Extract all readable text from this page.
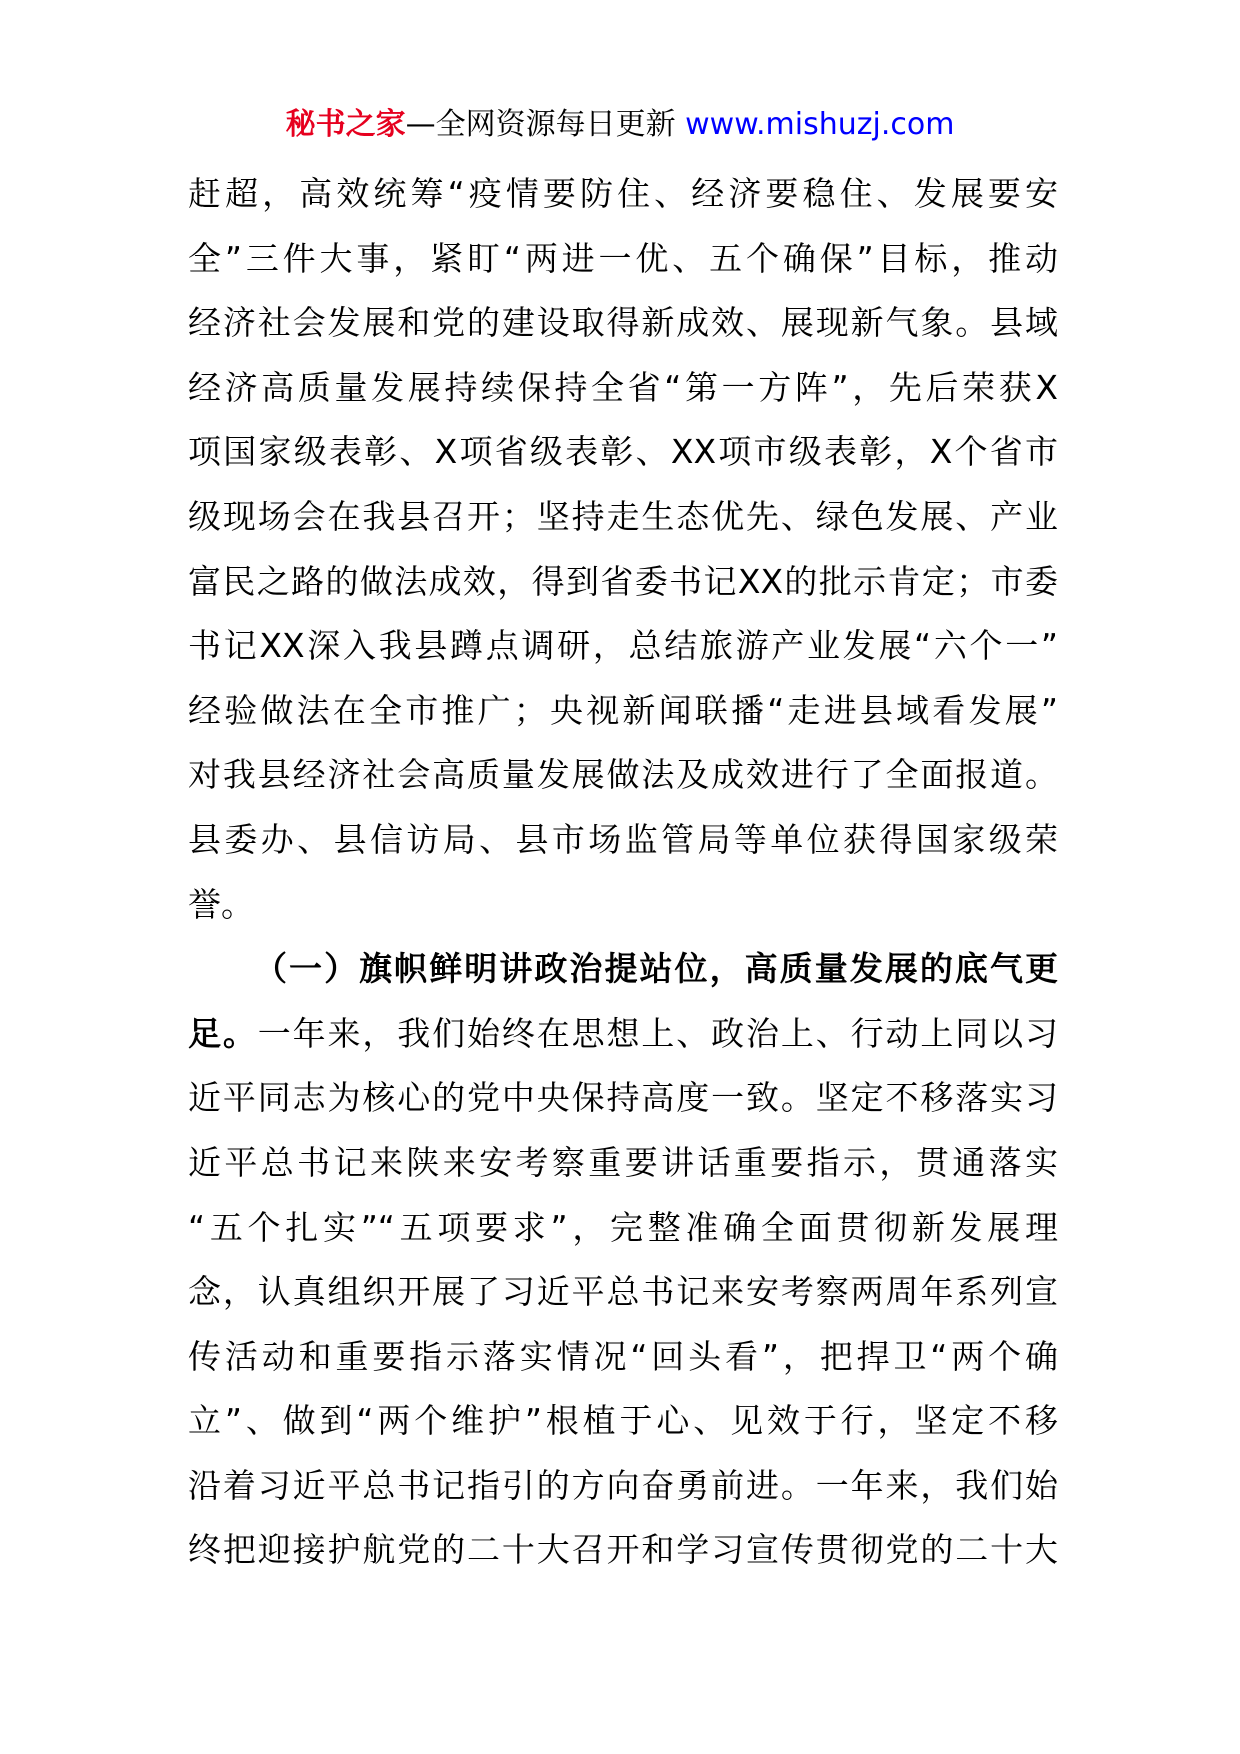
秘书之家—全网资源每日更新 www.mishuzj.com
赶超，高效统筹“疫情要防住、经济要稳住、发展要安
全”三件大事，紧盯“两进一优、五个确保”目标，推动
经济社会发展和党的建设取得新成效、展现新气象。县域
经济高质量发展持续保持全省“第一方阵”，先后荣获X
项国家级表彰、X项省级表彰、XX项市级表彰，X个省市
级现场会在我县召开；坚持走生态优先、绿色发展、产业
富民之路的做法成效，得到省委书记XX的批示肯定；市委
书记XX深入我县蹲点调研，总结旅游产业发展“六个一”
经验做法在全市推广；央视新闻联播“走进县域看发展”
对我县经济社会高质量发展做法及成效进行了全面报道。
县委办、县信访局、县市场监管局等单位获得国家级荣
誉。
（一）旗帜鲜明讲政治提站位，高质量发展的底气更
足。一年来，我们始终在思想上、政治上、行动上同以习
近平同志为核心的党中央保持高度一致。坚定不移落实习
近平总书记来陕来安考察重要讲话重要指示，贯通落实
“五个扎实”“五项要求”，完整准确全面贯彻新发展理
念，认真组织开展了习近平总书记来安考察两周年系列宣
传活动和重要指示落实情况“回头看”，把捍卫“两个确
立”、做到“两个维护”根植于心、见效于行，坚定不移
沿着习近平总书记指引的方向奋勇前进。一年来，我们始
终把迎接护航党的二十大召开和学习宣传贯彻党的二十大
